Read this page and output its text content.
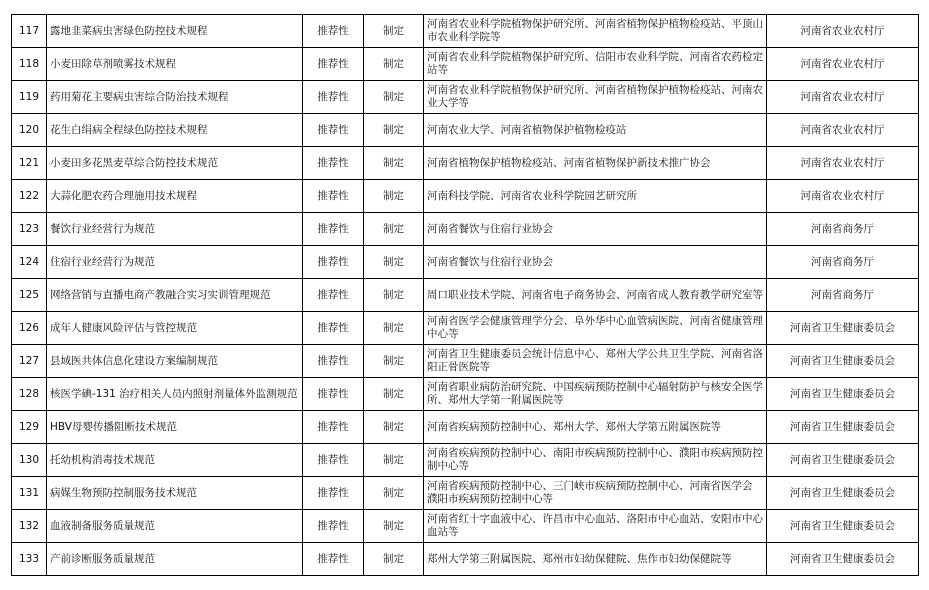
117	露地韭菜病虫害绿色防控技术规程	推荐性	制定	河南省农业科学院植物保护研究所、河南省植物保护植物检疫站、平顶山市农业科学院等	河南省农业农村厅
118	小麦田除草剂喷雾技术规程	推荐性	制定	河南省农业科学院植物保护研究所、信阳市农业科学院、河南省农药检定站等	河南省农业农村厅
119	药用菊花主要病虫害综合防治技术规程	推荐性	制定	河南省农业科学院植物保护研究所、河南省植物保护植物检疫站、河南农业大学等	河南省农业农村厅
120	花生白绢病全程绿色防控技术规程	推荐性	制定	河南农业大学、河南省植物保护植物检疫站	河南省农业农村厅
121	小麦田多花黑麦草综合防控技术规范	推荐性	制定	河南省植物保护植物检疫站、河南省植物保护新技术推广协会	河南省农业农村厅
122	大蒜化肥农药合理施用技术规程	推荐性	制定	河南科技学院、河南省农业科学院园艺研究所	河南省农业农村厅
123	餐饮行业经营行为规范	推荐性	制定	河南省餐饮与住宿行业协会	河南省商务厅
124	住宿行业经营行为规范	推荐性	制定	河南省餐饮与住宿行业协会	河南省商务厅
125	网络营销与直播电商产教融合实习实训管理规范	推荐性	制定	周口职业技术学院、河南省电子商务协会、河南省成人教育教学研究室等	河南省商务厅
126	成年人健康风险评估与管控规范	推荐性	制定	河南省医学会健康管理学分会、阜外华中心血管病医院、河南省健康管理中心等	河南省卫生健康委员会
127	县域医共体信息化建设方案编制规范	推荐性	制定	河南省卫生健康委员会统计信息中心、郑州大学公共卫生学院、河南省洛阳正骨医院等	河南省卫生健康委员会
128	核医学碘-131 治疗相关人员内照射剂量体外监测规范	推荐性	制定	河南省职业病防治研究院、中国疾病预防控制中心辐射防护与核安全医学所、郑州大学第一附属医院等	河南省卫生健康委员会
129	HBV母婴传播阻断技术规范	推荐性	制定	河南省疾病预防控制中心、郑州大学、郑州大学第五附属医院等	河南省卫生健康委员会
130	托幼机构消毒技术规范	推荐性	制定	河南省疾病预防控制中心、南阳市疾病预防控制中心、濮阳市疾病预防控制中心等	河南省卫生健康委员会
131	病媒生物预防控制服务技术规范	推荐性	制定	河南省疾病预防控制中心、三门峡市疾病预防控制中心、河南省医学会 濮阳市疾病预防控制中心等	河南省卫生健康委员会
132	血液制备服务质量规范	推荐性	制定	河南省红十字血液中心、许昌市中心血站、洛阳市中心血站、安阳市中心血站等	河南省卫生健康委员会
133	产前诊断服务质量规范	推荐性	制定	郑州大学第三附属医院、郑州市妇幼保健院、焦作市妇幼保健院等	河南省卫生健康委员会
